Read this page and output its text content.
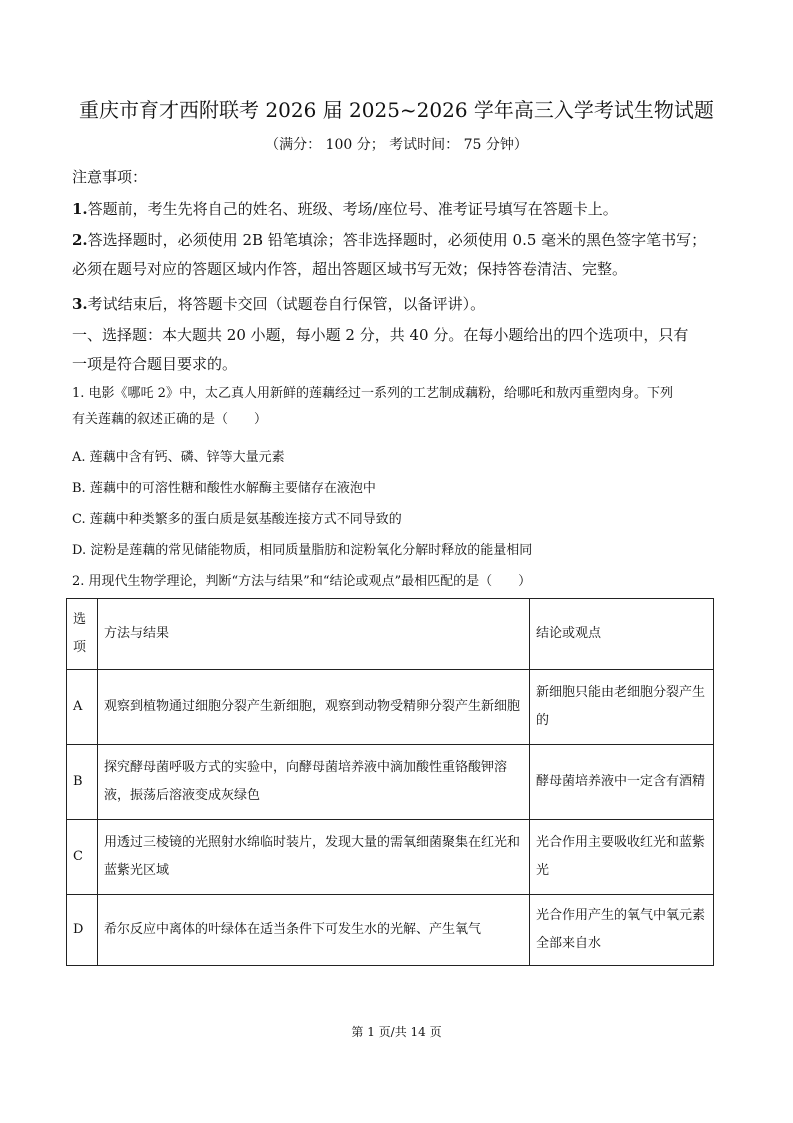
重庆市育才西附联考 2026 届 2025~2026 学年高三入学考试生物试题
（满分： 100 分； 考试时间： 75 分钟）
注意事项：
1.答题前，考生先将自己的姓名、班级、考场/座位号、准考证号填写在答题卡上。
2.答选择题时，必须使用 2B 铅笔填涂；答非选择题时，必须使用 0.5 毫米的黑色签字笔书写；
必须在题号对应的答题区域内作答，超出答题区域书写无效；保持答卷清洁、完整。
3.考试结束后，将答题卡交回（试题卷自行保管，以备评讲）。
一、选择题：本大题共 20 小题，每小题 2 分，共 40 分。在每小题给出的四个选项中，只有
一项是符合题目要求的。
1. 电影《哪吒 2》中，太乙真人用新鲜的莲藕经过一系列的工艺制成藕粉，给哪吒和敖丙重塑肉身。下列
有关莲藕的叙述正确的是（　　）
A. 莲藕中含有钙、磷、锌等大量元素
B. 莲藕中的可溶性糖和酸性水解酶主要储存在液泡中
C. 莲藕中种类繁多的蛋白质是氨基酸连接方式不同导致的
D. 淀粉是莲藕的常见储能物质，相同质量脂肪和淀粉氧化分解时释放的能量相同
2. 用现代生物学理论，判断“方法与结果”和“结论或观点”最相匹配的是（　　）
选项	方法与结果	结论或观点
A	观察到植物通过细胞分裂产生新细胞，观察到动物受精卵分裂产生新细胞	新细胞只能由老细胞分裂产生的
B	探究酵母菌呼吸方式的实验中，向酵母菌培养液中滴加酸性重铬酸钾溶液，振荡后溶液变成灰绿色	酵母菌培养液中一定含有酒精
C	用透过三棱镜的光照射水绵临时装片，发现大量的需氧细菌聚集在红光和蓝紫光区域	光合作用主要吸收红光和蓝紫光
D	希尔反应中离体的叶绿体在适当条件下可发生水的光解、产生氧气	光合作用产生的氧气中氧元素全部来自水
第 1 页/共 14 页
